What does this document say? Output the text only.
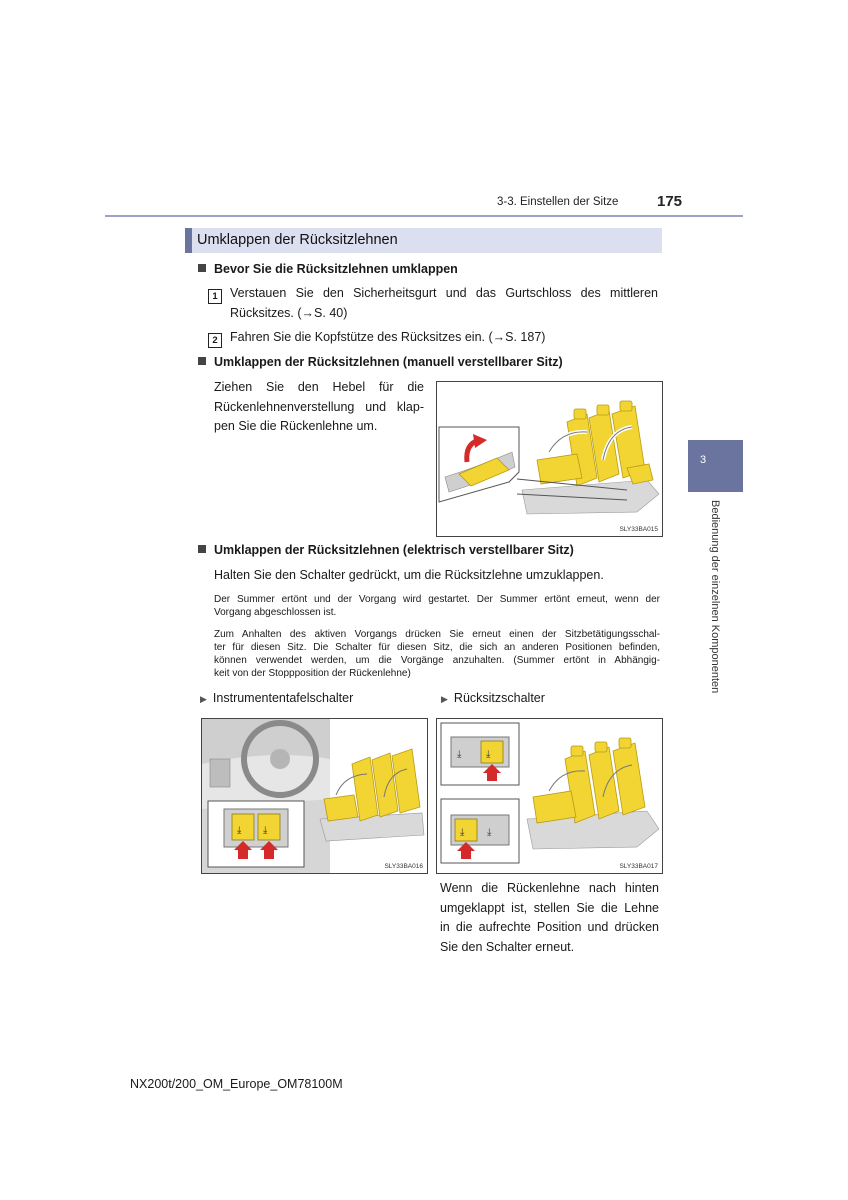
3-3. Einstellen der Sitze	175
3
Bedienung der einzelnen Komponenten
Umklappen der Rücksitzlehnen
Bevor Sie die Rücksitzlehnen umklappen
1 Verstauen Sie den Sicherheitsgurt und das Gurtschloss des mittleren
Rücksitzes. (→S. 40)
2 Fahren Sie die Kopfstütze des Rücksitzes ein. (→S. 187)
Umklappen der Rücksitzlehnen (manuell verstellbarer Sitz)
Ziehen Sie den Hebel für die
Rückenlehnenverstellung und klap-
pen Sie die Rückenlehne um.
SLY33BA015
Umklappen der Rücksitzlehnen (elektrisch verstellbarer Sitz)
Halten Sie den Schalter gedrückt, um die Rücksitzlehne umzuklappen.
Der Summer ertönt und der Vorgang wird gestartet. Der Summer ertönt erneut, wenn der
Vorgang abgeschlossen ist.
Zum Anhalten des aktiven Vorgangs drücken Sie erneut einen der Sitzbetätigungsschal-
ter für diesen Sitz. Die Schalter für diesen Sitz, die sich an anderen Positionen befinden,
können verwendet werden, um die Vorgänge anzuhalten. (Summer ertönt in Abhängig-
keit von der Stoppposition der Rückenlehne)
▶ Instrumententafelschalter	▶ Rücksitzschalter
⤓ ⤓
SLY33BA016
⤓ ⤓
⤓ ⤓
SLY33BA017
Wenn die Rückenlehne nach hinten
umgeklappt ist, stellen Sie die Lehne
in die aufrechte Position und drücken
Sie den Schalter erneut.
NX200t/200_OM_Europe_OM78100M
